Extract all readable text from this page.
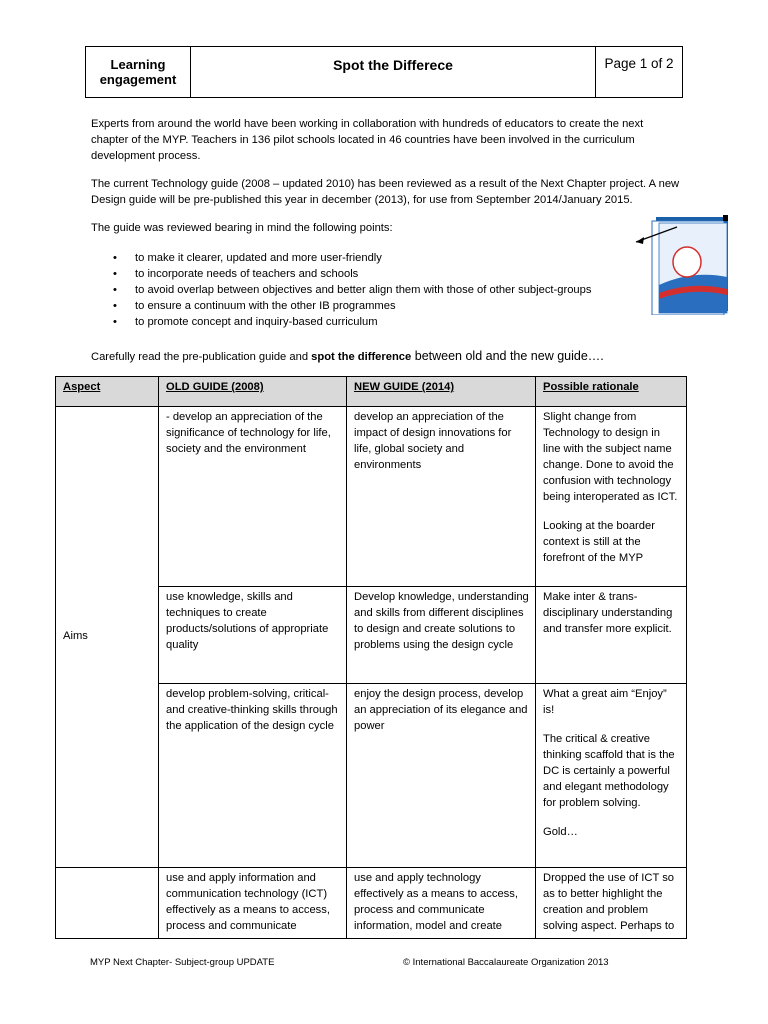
Learning engagement
Spot the Differece	Page 1 of 2

Experts from around the world have been working in collaboration with hundreds of educators to create the next chapter of the MYP. Teachers in 136 pilot schools located in 46 countries have been involved in the curriculum development process.

The current Technology guide (2008 – updated 2010) has been reviewed as a result of the Next Chapter project. A new Design guide will be pre-published this year in december (2013), for use from September 2014/January 2015.

The guide was reviewed bearing in mind the following points:

• to make it clearer, updated and more user-friendly
• to incorporate needs of teachers and schools
• to avoid overlap between objectives and better align them with those of other subject-groups
• to ensure a continuum with the other IB programmes
• to promote concept and inquiry-based curriculum

Carefully read the pre-publication guide and spot the difference between old and the new guide….

Aspect	OLD GUIDE (2008)	NEW GUIDE (2014)	Possible rationale
Aims	- develop an appreciation of the significance of technology for life, society and the environment	develop an appreciation of the impact of design innovations for life, global society and environments	Slight change from Technology to design in line with the subject name change. Done to avoid the confusion with technology being interoperated as ICT.

Looking at the boarder context is still at the forefront of the MYP

	use knowledge, skills and techniques to create products/solutions of appropriate quality	Develop knowledge, understanding and skills from different disciplines to design and create solutions to problems using the design cycle	Make inter & trans-disciplinary understanding and transfer more explicit.

	develop problem-solving, critical- and creative-thinking skills through the application of the design cycle	enjoy the design process, develop an appreciation of its elegance and power	What a great aim “Enjoy” is!

The critical & creative thinking scaffold that is the DC is certainly a powerful and elegant methodology for problem solving.

Gold…

	use and apply information and communication technology (ICT) effectively as a means to access, process and communicate	use and apply technology effectively as a means to access, process and communicate information, model and create	Dropped the use of ICT so as to better highlight the creation and problem solving aspect. Perhaps to

MYP Next Chapter- Subject-group UPDATE	© International Baccalaureate Organization 2013
